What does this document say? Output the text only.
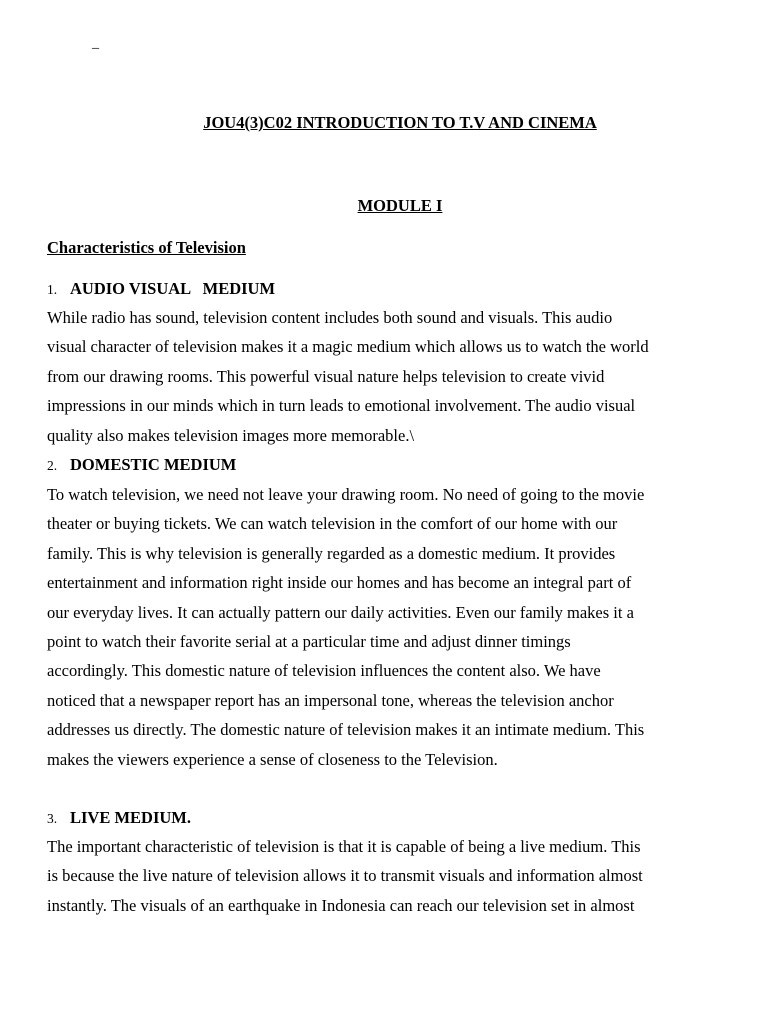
_
JOU4(3)C02 INTRODUCTION TO T.V AND CINEMA
MODULE I
Characteristics of Television
1. AUDIO VISUAL   MEDIUM
While radio has sound, television content includes both sound and visuals. This audio
visual character of television makes it a magic medium which allows us to watch the world
from our drawing rooms. This powerful visual nature helps television to create vivid
impressions in our minds which in turn leads to emotional involvement. The audio visual
quality also makes television images more memorable.\
2. DOMESTIC MEDIUM
To watch television, we need not leave your drawing room. No need of going to the movie
theater or buying tickets. We can watch television in the comfort of our home with our
family. This is why television is generally regarded as a domestic medium. It provides
entertainment and information right inside our homes and has become an integral part of
our everyday lives. It can actually pattern our daily activities. Even our family makes it a
point to watch their favorite serial at a particular time and adjust dinner timings
accordingly. This domestic nature of television influences the content also. We have
noticed that a newspaper report has an impersonal tone, whereas the television anchor
addresses us directly. The domestic nature of television makes it an intimate medium. This
makes the viewers experience a sense of closeness to the Television.
3. LIVE MEDIUM.
The important characteristic of television is that it is capable of being a live medium. This
is because the live nature of television allows it to transmit visuals and information almost
instantly. The visuals of an earthquake in Indonesia can reach our television set in almost
